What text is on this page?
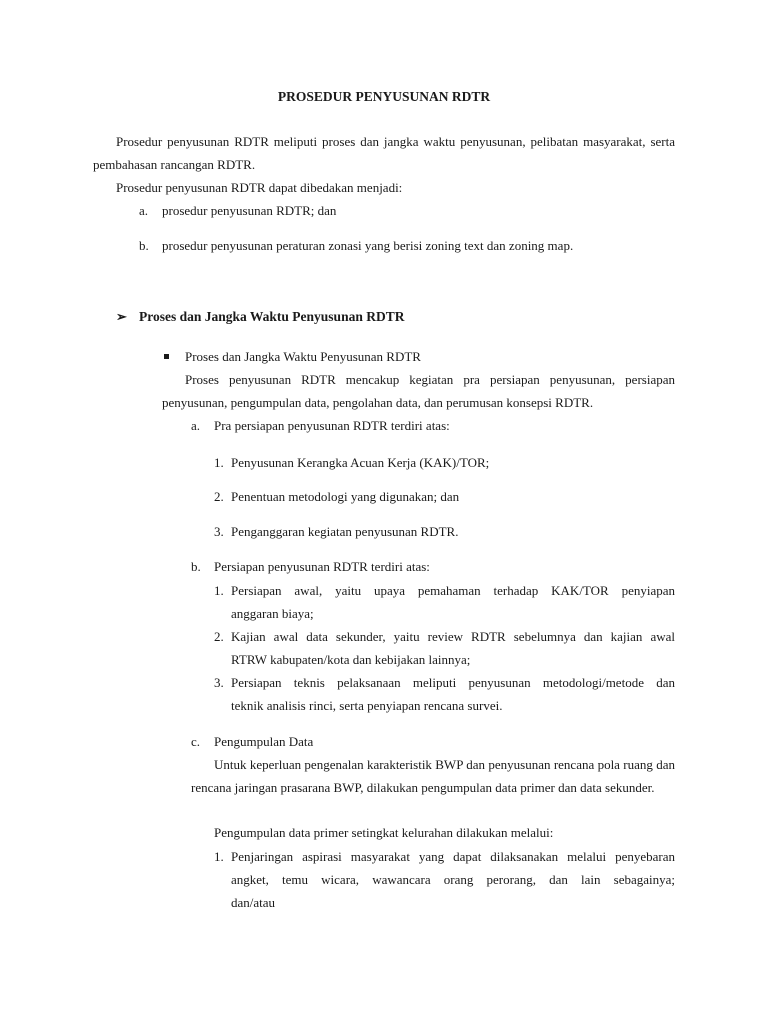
PROSEDUR PENYUSUNAN RDTR
Prosedur penyusunan RDTR meliputi proses dan jangka waktu penyusunan, pelibatan masyarakat, serta pembahasan rancangan RDTR.
Prosedur penyusunan RDTR dapat dibedakan menjadi:
a. prosedur penyusunan RDTR; dan
b. prosedur penyusunan peraturan zonasi yang berisi zoning text dan zoning map.
➢ Proses dan Jangka Waktu Penyusunan RDTR
Proses dan Jangka Waktu Penyusunan RDTR
Proses penyusunan RDTR mencakup kegiatan pra persiapan penyusunan, persiapan penyusunan, pengumpulan data, pengolahan data, dan perumusan konsepsi RDTR.
a. Pra persiapan penyusunan RDTR terdiri atas:
1. Penyusunan Kerangka Acuan Kerja (KAK)/TOR;
2. Penentuan metodologi yang digunakan; dan
3. Penganggaran kegiatan penyusunan RDTR.
b. Persiapan penyusunan RDTR terdiri atas:
1. Persiapan awal, yaitu upaya pemahaman terhadap KAK/TOR penyiapan
anggaran biaya;
2. Kajian awal data sekunder, yaitu review RDTR sebelumnya dan kajian awal
RTRW kabupaten/kota dan kebijakan lainnya;
3. Persiapan teknis pelaksanaan meliputi penyusunan metodologi/metode dan
teknik analisis rinci, serta penyiapan rencana survei.
c. Pengumpulan Data
Untuk keperluan pengenalan karakteristik BWP dan penyusunan rencana pola ruang dan rencana jaringan prasarana BWP, dilakukan pengumpulan data primer dan data sekunder.
Pengumpulan data primer setingkat kelurahan dilakukan melalui:
1. Penjaringan aspirasi masyarakat yang dapat dilaksanakan melalui penyebaran
angket, temu wicara, wawancara orang perorang, dan lain sebagainya;
dan/atau
